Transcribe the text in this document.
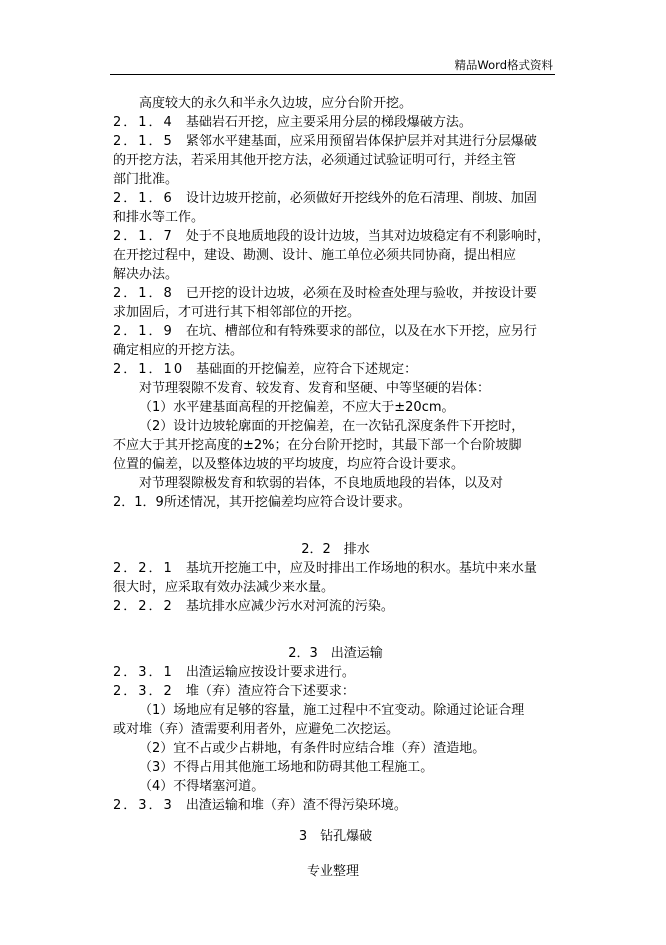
精品Word格式资料
高度较大的永久和半永久边坡，应分台阶开挖。
2．1．4 基础岩石开挖，应主要采用分层的梯段爆破方法。
2．1．5 紧邻水平建基面，应采用预留岩体保护层并对其进行分层爆破
的开挖方法，若采用其他开挖方法，必须通过试验证明可行，并经主管
部门批准。
2．1．6 设计边坡开挖前，必须做好开挖线外的危石清理、削坡、加固
和排水等工作。
2．1．7 处于不良地质地段的设计边坡，当其对边坡稳定有不利影响时，
在开挖过程中，建设、勘测、设计、施工单位必须共同协商，提出相应
解决办法。
2．1．8 已开挖的设计边坡，必须在及时检查处理与验收，并按设计要
求加固后，才可进行其下相邻部位的开挖。
2．1．9 在坑、槽部位和有特殊要求的部位，以及在水下开挖，应另行
确定相应的开挖方法。
2．1．10 基础面的开挖偏差，应符合下述规定：
对节理裂隙不发育、较发育、发育和坚硬、中等坚硬的岩体：
（1）水平建基面高程的开挖偏差，不应大于±20cm。
（2）设计边坡轮廓面的开挖偏差，在一次钻孔深度条件下开挖时，
不应大于其开挖高度的±2%；在分台阶开挖时，其最下部一个台阶坡脚
位置的偏差，以及整体边坡的平均坡度，均应符合设计要求。
对节理裂隙极发育和软弱的岩体，不良地质地段的岩体，以及对
2．1．9所述情况，其开挖偏差均应符合设计要求。
2．2　排水
2．2．1 基坑开挖施工中，应及时排出工作场地的积水。基坑中来水量
很大时，应采取有效办法减少来水量。
2．2．2 基坑排水应减少污水对河流的污染。
2．3　出渣运输
2．3．1 出渣运输应按设计要求进行。
2．3．2 堆（弃）渣应符合下述要求：
（1）场地应有足够的容量，施工过程中不宜变动。除通过论证合理
或对堆（弃）渣需要利用者外，应避免二次挖运。
（2）宜不占或少占耕地，有条件时应结合堆（弃）渣造地。
（3）不得占用其他施工场地和防碍其他工程施工。
（4）不得堵塞河道。
2．3．3 出渣运输和堆（弃）渣不得污染环境。
3　钻孔爆破
专业整理
